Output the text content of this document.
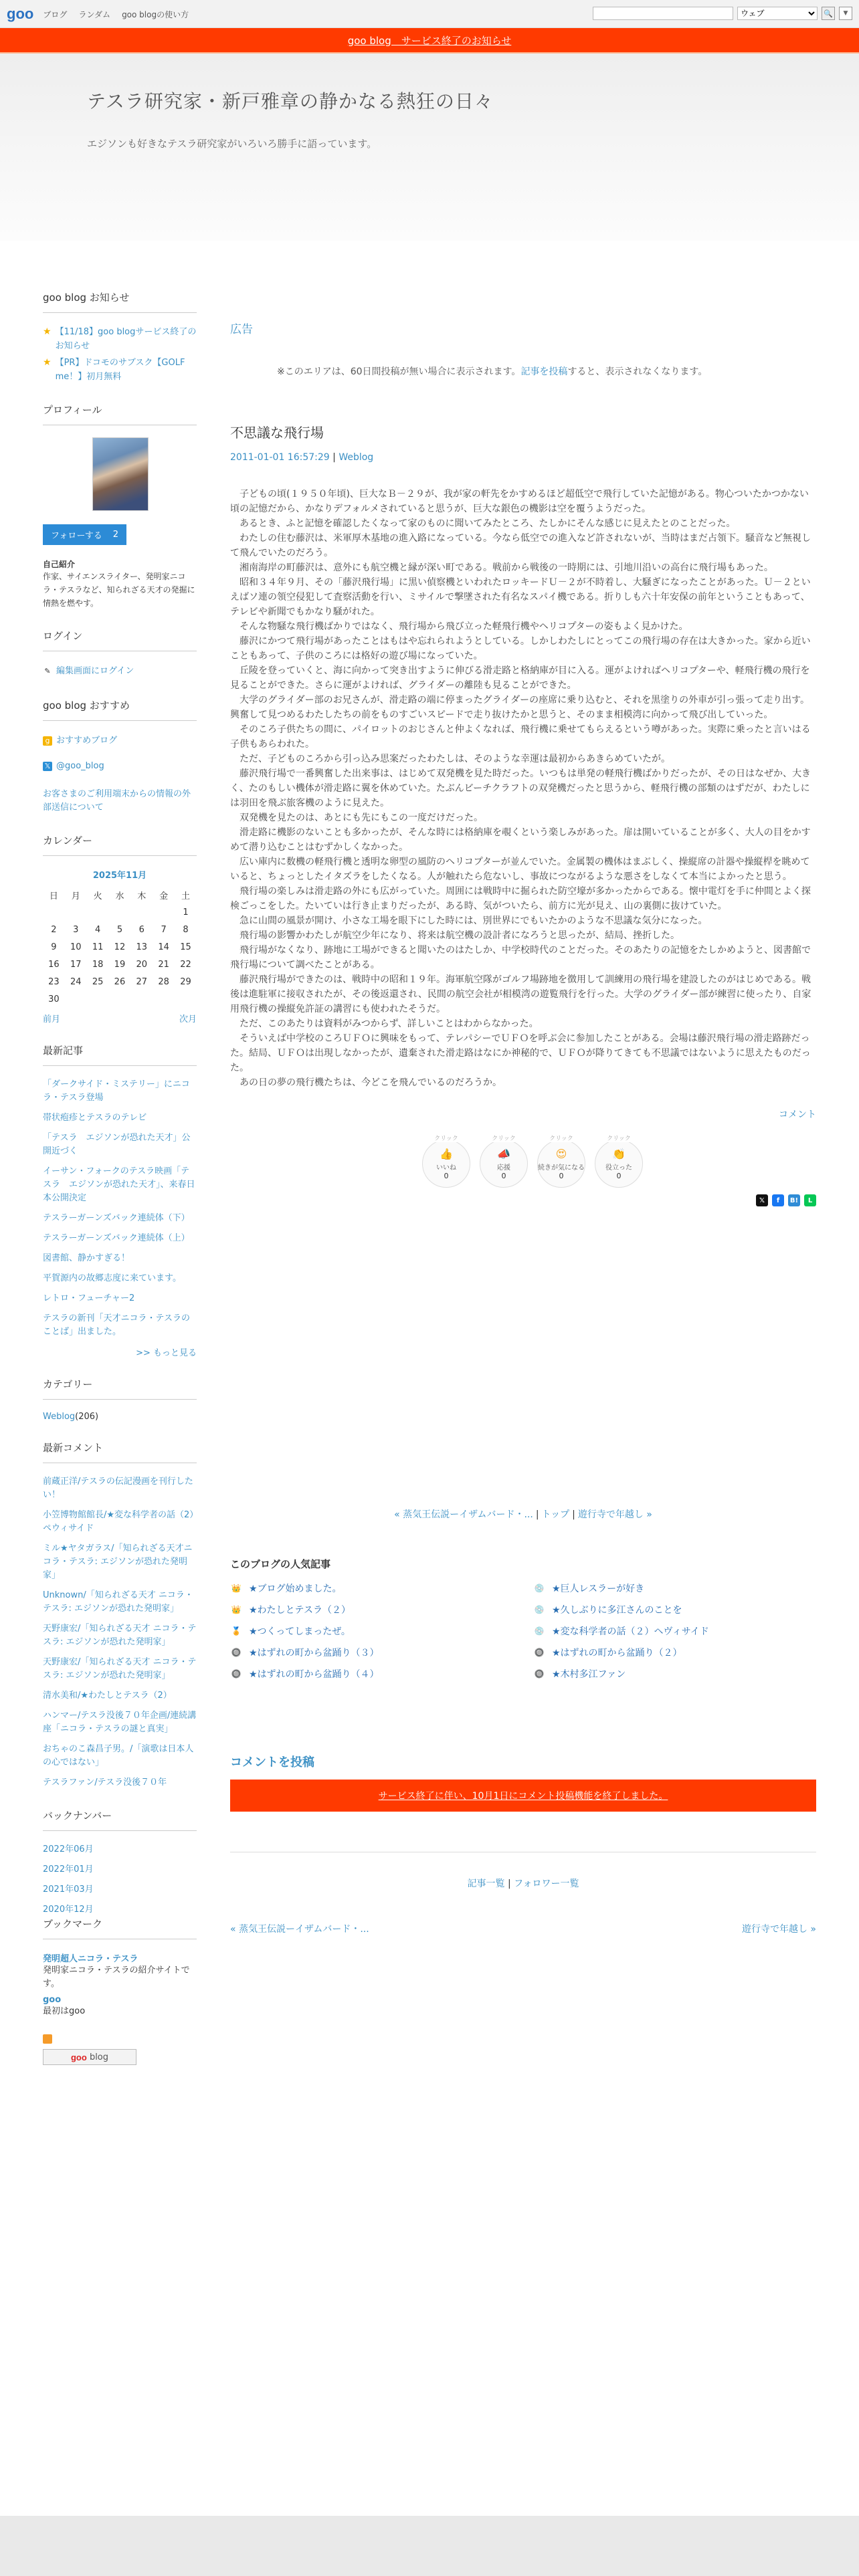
goo ブログ ランダム goo blogの使い方
ウェブ	🔍	▼
goo blog　サービス終了のお知らせ
テスラ研究家・新戸雅章の静かなる熱狂の日々
エジソンも好きなテスラ研究家がいろいろ勝手に語っています。
goo blog お知らせ
★ 【11/18】goo blogサービス終了のお知らせ
★ 【PR】ドコモのサブスク【GOLF me！】初月無料
プロフィール
フォローする 2
自己紹介
作家、サイエンスライター、発明家ニコラ・テスラなど、知られざる天才の発掘に情熱を燃やす。
ログイン
✎ 編集画面にログイン
goo blog おすすめ
g おすすめブログ
𝕏 @goo_blog
お客さまのご利用端末からの情報の外部送信について
カレンダー
2025年11月
日	月	火	水	木	金	土
						1
2	3	4	5	6	7	8
9	10	11	12	13	14	15
16	17	18	19	20	21	22
23	24	25	26	27	28	29
30						
前月	次月
最新記事
「ダークサイド・ミステリー」にニコラ・テスラ登場
帯状疱疹とテスラのテレビ
「テスラ　エジソンが恐れた天才」公開近づく
イーサン・フォークのテスラ映画「テスラ　エジソンが恐れた天才」、来春日本公開決定
テスラーガーンズバック連続体（下）
テスラーガーンズバック連続体（上）
図書館、静かすぎる！
平賀源内の故郷志度に来ています。
レトロ・フューチャー2
テスラの新刊「天才ニコラ・テスラのことば」出ました。
>> もっと見る
カテゴリー
Weblog(206)
最新コメント
前蔵正洋/テスラの伝記漫画を刊行したい！
小笠博物館館長/★変な科学者の話（2）ペウィサイド
ミル★ヤタガラス/「知られざる天才ニコラ・テスラ: エジソンが恐れた発明家」
Unknown/「知られざる天才 ニコラ・テスラ: エジソンが恐れた発明家」
天野康宏/「知られざる天才 ニコラ・テスラ: エジソンが恐れた発明家」
天野康宏/「知られざる天才 ニコラ・テスラ: エジソンが恐れた発明家」
清水美和/★わたしとテスラ（2）
ハンマー/テスラ没後７０年企画/連続講座「ニコラ・テスラの謎と真実」
おちゃのこ森昌子男。/「演歌は日本人の心ではない」
テスラファン/テスラ没後７０年
バックナンバー
2022年06月
2022年01月
2021年03月
2020年12月
ブックマーク
発明超人ニコラ・テスラ
発明家ニコラ・テスラの紹介サイトです。
goo
最初はgoo
goo
blog
広告
※このエリアは、60日間投稿が無い場合に表示されます。記事を投稿すると、表示されなくなります。
不思議な飛行場
2011-01-01 16:57:29 | Weblog

　子どもの頃(１９５０年頃)、巨大なＢ－２９が、我が家の軒先をかすめるほど超低空で飛行していた記憶がある。物心ついたかつかない頃の記憶だから、かなりデフォルメされていると思うが、巨大な銀色の機影は空を覆うようだった。

　あるとき、ふと記憶を確認したくなって家のものに聞いてみたところ、たしかにそんな感じに見えたとのことだった。

　わたしの住む藤沢は、米軍厚木基地の進入路になっている。今なら低空での進入など許されないが、当時はまだ占領下。騒音など無視して飛んでいたのだろう。

　湘南海岸の町藤沢は、意外にも航空機と縁が深い町である。戦前から戦後の一時期には、引地川沿いの高台に飛行場もあった。

　昭和３４年９月、その「藤沢飛行場」に黒い偵察機といわれたロッキードＵ－２が不時着し、大騒ぎになったことがあった。Ｕ－２といえばソ連の領空侵犯して査察活動を行い、ミサイルで撃墜された有名なスパイ機である。折りしも六十年安保の前年ということもあって、テレビや新聞でもかなり騒がれた。

　そんな物騒な飛行機ばかりではなく、飛行場から飛び立った軽飛行機やヘリコプターの姿もよく見かけた。

　藤沢にかつて飛行場があったことはもはや忘れられようとしている。しかしわたしにとってこの飛行場の存在は大きかった。家から近いこともあって、子供のころには格好の遊び場になっていた。

　丘陵を登っていくと、海に向かって突き出すように伸びる滑走路と格納庫が目に入る。運がよければヘリコプターや、軽飛行機の飛行を見ることができた。さらに運がよければ、グライダーの離陸も見ることができた。

　大学のグライダー部のお兄さんが、滑走路の端に停まったグライダーの座席に乗り込むと、それを黒塗りの外車が引っ張って走り出す。興奮して見つめるわたしたちの前をものすごいスピードで走り抜けたかと思うと、そのまま相模湾に向かって飛び出していった。

　そのころ子供たちの間に、パイロットのおじさんと仲よくなれば、飛行機に乗せてもらえるという噂があった。実際に乗ったと言いはる子供もあらわれた。

　ただ、子どものころから引っ込み思案だったわたしは、そのような幸運は最初からあきらめていたが。

　藤沢飛行場で一番興奮した出来事は、はじめて双発機を見た時だった。いつもは単発の軽飛行機ばかりだったが、その日はなぜか、大きく、たのもしい機体が滑走路に翼を休めていた。たぶんビーチクラフトの双発機だったと思うから、軽飛行機の部類のはずだが、わたしには羽田を飛ぶ旅客機のように見えた。

　双発機を見たのは、あとにも先にもこの一度だけだった。

　滑走路に機影のないことも多かったが、そんな時には格納庫を覗くという楽しみがあった。扉は開いていることが多く、大人の目をかすめて潜り込むことはむずかしくなかった。

　広い庫内に数機の軽飛行機と透明な卵型の風防のヘリコプターが並んでいた。金属製の機体はまぶしく、操縦席の計器や操縦桿を眺めていると、ちょっとしたイタズラをしたくなる。人が触れたら危ないし、事故につながるような悪さをしなくて本当によかったと思う。

　飛行場の楽しみは滑走路の外にも広がっていた。周囲には戦時中に掘られた防空壕が多かったからである。懐中電灯を手に仲間とよく探検ごっこをした。たいていは行き止まりだったが、ある時、気がついたら、前方に光が見え、山の裏側に抜けていた。

　急に山間の風景が開け、小さな工場を眼下にした時には、別世界にでもいたかのような不思議な気分になった。

　飛行場の影響かわたしが航空少年になり、将来は航空機の設計者になろうと思ったが、結局、挫折した。

　飛行場がなくなり、跡地に工場ができると聞いたのはたしか、中学校時代のことだった。そのあたりの記憶をたしかめようと、図書館で飛行場について調べたことがある。

　藤沢飛行場ができたのは、戦時中の昭和１９年。海軍航空隊がゴルフ場跡地を徴用して訓練用の飛行場を建設したのがはじめである。戦後は進駐軍に接収されたが、その後返還され、民間の航空会社が相模湾の遊覧飛行を行った。大学のグライダー部が練習に使ったり、自家用飛行機の操縦免許証の講習にも使われたそうだ。

　ただ、このあたりは資料がみつからず、詳しいことはわからなかった。

　そういえば中学校のころＵＦＯに興味をもって、テレパシーでＵＦＯを呼ぶ会に参加したことがある。会場は藤沢飛行場の滑走路跡だった。結局、ＵＦＯは出現しなかったが、遺棄された滑走路はなにか神秘的で、ＵＦＯが降りてきても不思議ではないように思えたものだった。

　あの日の夢の飛行機たちは、今どこを飛んでいるのだろうか。

コメント
クリック
👍
いいね
0
クリック
📣
応援
0
クリック
😍
続きが気になる
0
クリック
👏
役立った
0
𝕏	f	B!	L
« 蒸気王伝説ーイザムバード・... | トップ | 遊行寺で年越し »
このブログの人気記事
👑 ★ブログ始めました。	💿 ★巨人レスラーが好き
👑 ★わたしとテスラ（２）	💿 ★久しぶりに多江さんのことを
🏅 ★つくってしまったぜ。	💿 ★変な科学者の話（２）ヘヴィサイド
🔘 ★はずれの町から盆踊り（３）	🔘 ★はずれの町から盆踊り（２）
🔘 ★はずれの町から盆踊り（４）	🔘 ★木村多江ファン
コメントを投稿
サービス終了に伴い、10月1日にコメント投稿機能を終了しました。
記事一覧 | フォロワー一覧
« 蒸気王伝説ーイザムバード・...	遊行寺で年越し »
